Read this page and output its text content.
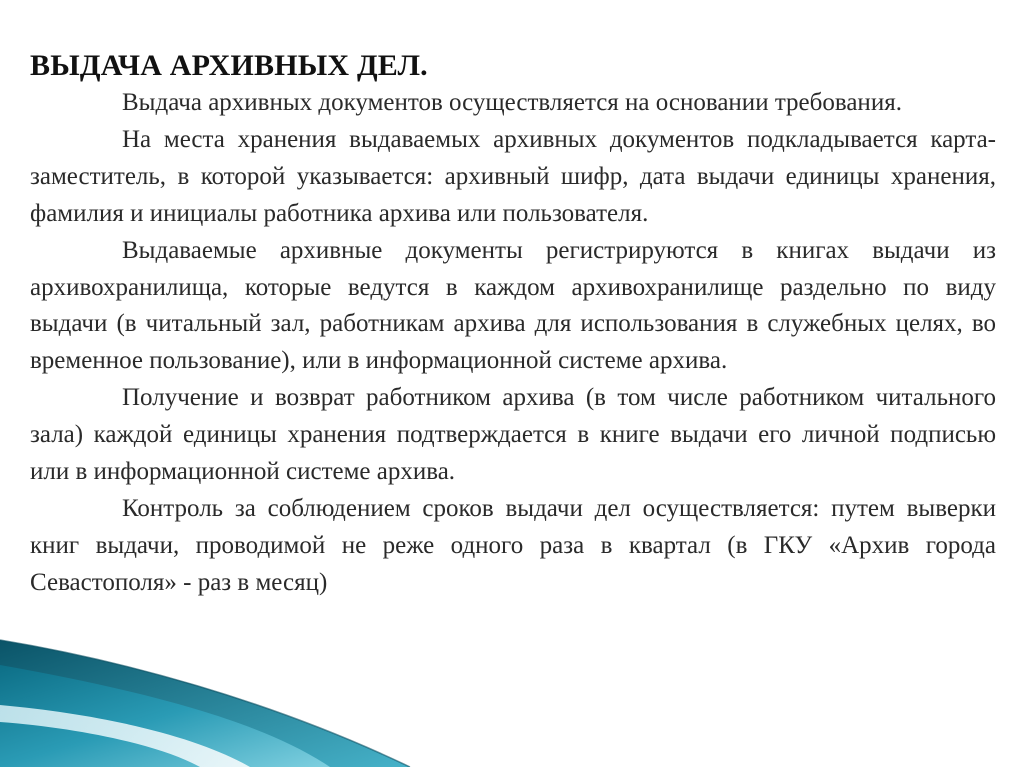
ВЫДАЧА АРХИВНЫХ ДЕЛ.

Выдача архивных документов осуществляется на основании требования.

На места хранения выдаваемых архивных документов подкладывается карта-заместитель, в которой указывается: архивный шифр, дата выдачи единицы хранения, фамилия и инициалы работника архива или пользователя.

Выдаваемые архивные документы регистрируются в книгах выдачи из архивохранилища, которые ведутся в каждом архивохранилище раздельно по виду выдачи (в читальный зал, работникам архива для использования в служебных целях, во временное пользование), или в информационной системе архива.

Получение и возврат работником архива (в том числе работником читального зала) каждой единицы хранения подтверждается в книге выдачи его личной подписью или в информационной системе архива.

Контроль за соблюдением сроков выдачи дел осуществляется: путем выверки книг выдачи, проводимой не реже одного раза в квартал (в ГКУ «Архив города Севастополя» - раз в месяц)
